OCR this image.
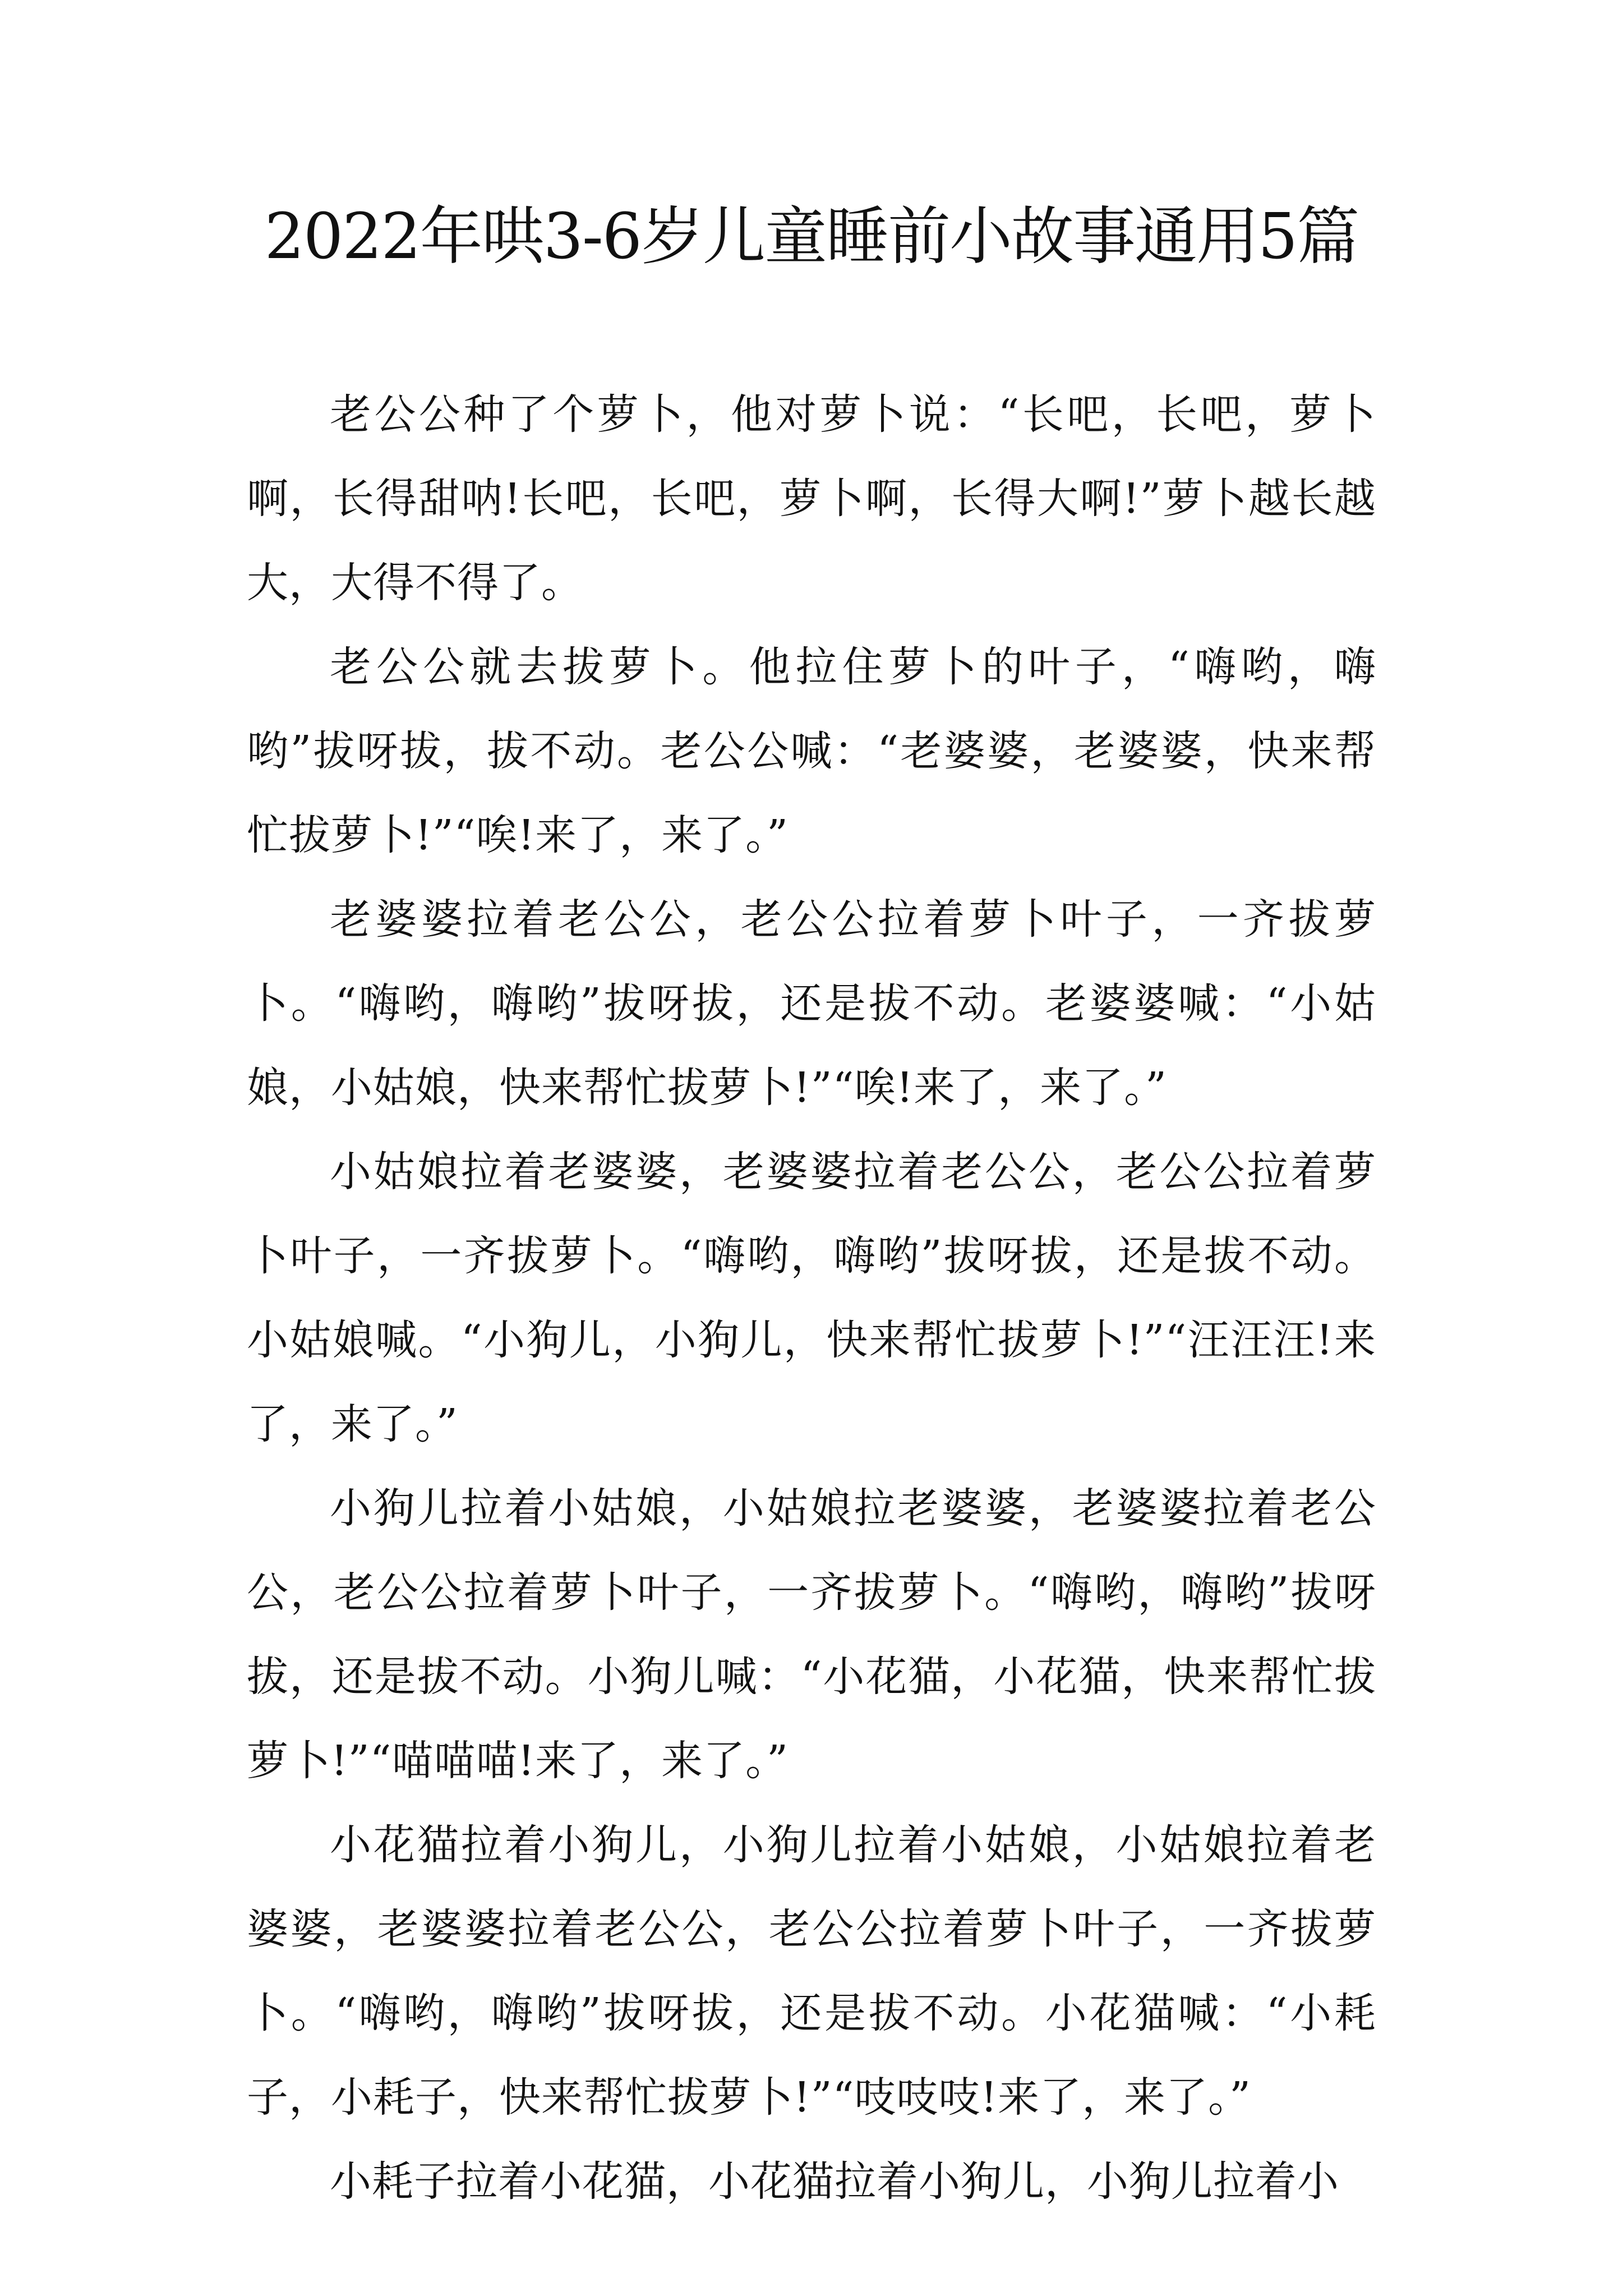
2022年哄3-6岁儿童睡前小故事通用5篇

老公公种了个萝卜，他对萝卜说：“长吧，长吧，萝卜啊，长得甜呐!长吧，长吧，萝卜啊，长得大啊!”萝卜越长越大，大得不得了。

老公公就去拔萝卜。他拉住萝卜的叶子，“嗨哟，嗨哟”拔呀拔，拔不动。老公公喊：“老婆婆，老婆婆，快来帮忙拔萝卜!”“唉!来了，来了。”

老婆婆拉着老公公，老公公拉着萝卜叶子，一齐拔萝卜。“嗨哟，嗨哟”拔呀拔，还是拔不动。老婆婆喊：“小姑娘，小姑娘，快来帮忙拔萝卜!”“唉!来了，来了。”

小姑娘拉着老婆婆，老婆婆拉着老公公，老公公拉着萝卜叶子，一齐拔萝卜。“嗨哟，嗨哟”拔呀拔，还是拔不动。小姑娘喊。“小狗儿，小狗儿，快来帮忙拔萝卜!”“汪汪汪!来了，来了。”

小狗儿拉着小姑娘，小姑娘拉老婆婆，老婆婆拉着老公公，老公公拉着萝卜叶子，一齐拔萝卜。“嗨哟，嗨哟”拔呀拔，还是拔不动。小狗儿喊：“小花猫，小花猫，快来帮忙拔萝卜!”“喵喵喵!来了，来了。”

小花猫拉着小狗儿，小狗儿拉着小姑娘，小姑娘拉着老婆婆，老婆婆拉着老公公，老公公拉着萝卜叶子，一齐拔萝卜。“嗨哟，嗨哟”拔呀拔，还是拔不动。小花猫喊：“小耗子，小耗子，快来帮忙拔萝卜!”“吱吱吱!来了，来了。”

小耗子拉着小花猫，小花猫拉着小狗儿，小狗儿拉着小
